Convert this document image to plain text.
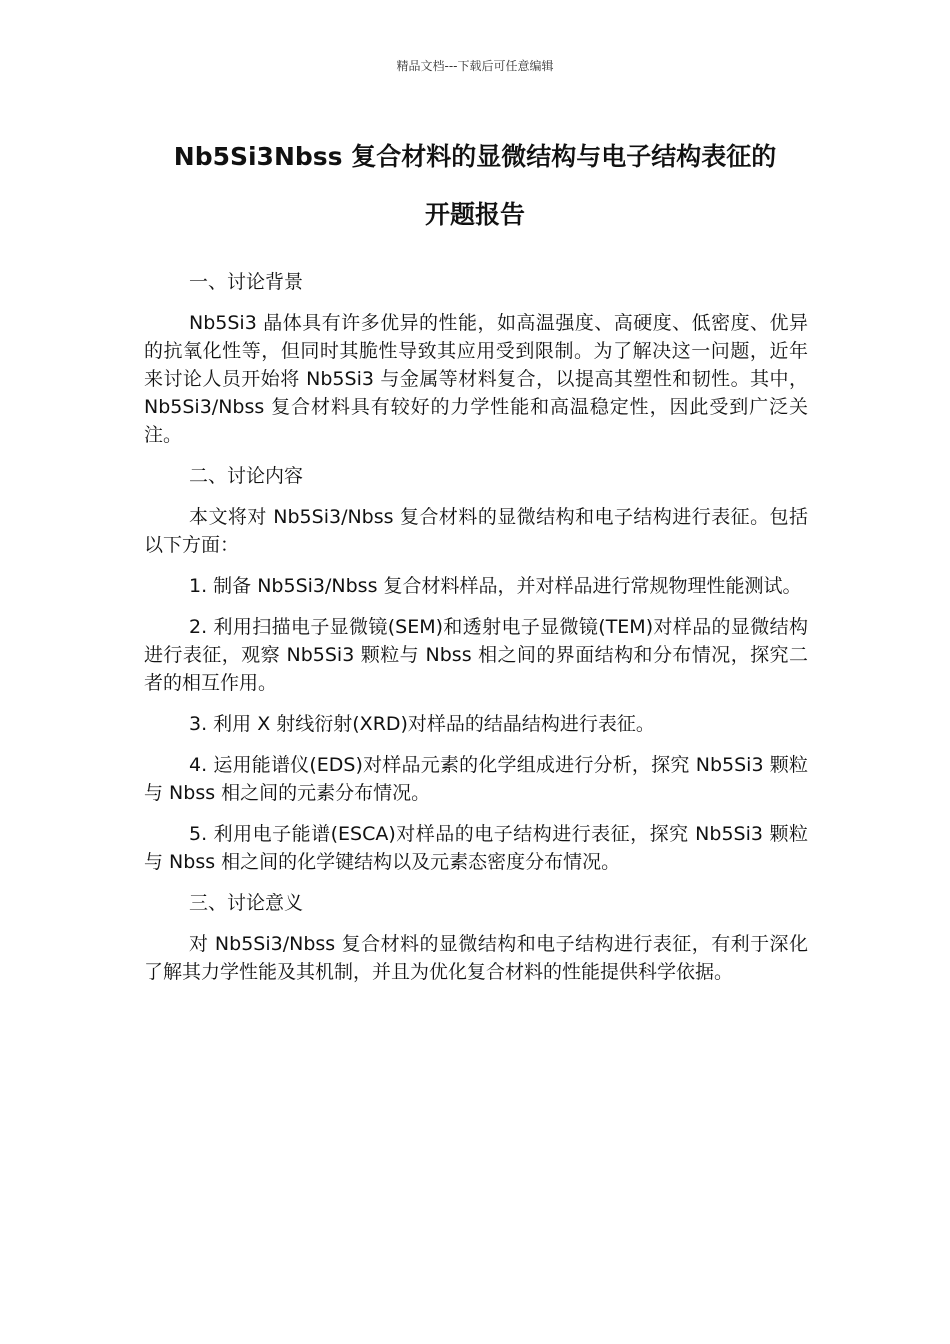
精品文档---下载后可任意编辑
Nb5Si3Nbss 复合材料的显微结构与电子结构表征的
开题报告

一、讨论背景

Nb5Si3 晶体具有许多优异的性能，如高温强度、高硬度、低密度、优异的抗氧化性等，但同时其脆性导致其应用受到限制。为了解决这一问题，近年来讨论人员开始将 Nb5Si3 与金属等材料复合，以提高其塑性和韧性。其中，Nb5Si3/Nbss 复合材料具有较好的力学性能和高温稳定性，因此受到广泛关注。

二、讨论内容

本文将对 Nb5Si3/Nbss 复合材料的显微结构和电子结构进行表征。包括以下方面：

1. 制备 Nb5Si3/Nbss 复合材料样品，并对样品进行常规物理性能测试。

2. 利用扫描电子显微镜(SEM)和透射电子显微镜(TEM)对样品的显微结构进行表征，观察 Nb5Si3 颗粒与 Nbss 相之间的界面结构和分布情况，探究二者的相互作用。

3. 利用 X 射线衍射(XRD)对样品的结晶结构进行表征。

4. 运用能谱仪(EDS)对样品元素的化学组成进行分析，探究 Nb5Si3 颗粒与 Nbss 相之间的元素分布情况。

5. 利用电子能谱(ESCA)对样品的电子结构进行表征，探究 Nb5Si3 颗粒与 Nbss 相之间的化学键结构以及元素态密度分布情况。

三、讨论意义

对 Nb5Si3/Nbss 复合材料的显微结构和电子结构进行表征，有利于深化了解其力学性能及其机制，并且为优化复合材料的性能提供科学依据。
